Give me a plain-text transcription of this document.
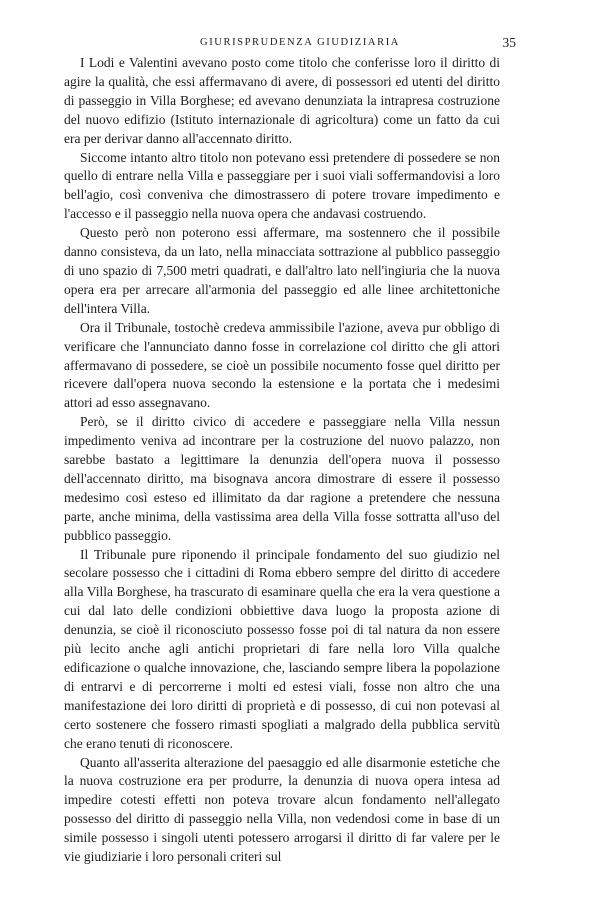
GIURISPRUDENZA GIUDIZIARIA	35

I Lodi e Valentini avevano posto come titolo che conferisse loro il diritto di agire la qualità, che essi affermavano di avere, di possessori ed utenti del diritto di passeggio in Villa Borghese; ed avevano denunziata la intrapresa costruzione del nuovo edifizio (Istituto internazionale di agricoltura) come un fatto da cui era per derivar danno all'accennato diritto.

Siccome intanto altro titolo non potevano essi pretendere di possedere se non quello di entrare nella Villa e passeggiare per i suoi viali soffermandovisi a loro bell'agio, così conveniva che dimostrassero di potere trovare impedimento e l'accesso e il passeggio nella nuova opera che andavasi costruendo.

Questo però non poterono essi affermare, ma sostennero che il possibile danno consisteva, da un lato, nella minacciata sottrazione al pubblico passeggio di uno spazio di 7,500 metri quadrati, e dall'altro lato nell'ingiuria che la nuova opera era per arrecare all'armonia del passeggio ed alle linee architettoniche dell'intera Villa.

Ora il Tribunale, tostochè credeva ammissibile l'azione, aveva pur obbligo di verificare che l'annunciato danno fosse in correlazione col diritto che gli attori affermavano di possedere, se cioè un possibile nocumento fosse quel diritto per ricevere dall'opera nuova secondo la estensione e la portata che i medesimi attori ad esso assegnavano.

Però, se il diritto civico di accedere e passeggiare nella Villa nessun impedimento veniva ad incontrare per la costruzione del nuovo palazzo, non sarebbe bastato a legittimare la denunzia dell'opera nuova il possesso dell'accennato diritto, ma bisognava ancora dimostrare di essere il possesso medesimo così esteso ed illimitato da dar ragione a pretendere che nessuna parte, anche minima, della vastissima area della Villa fosse sottratta all'uso del pubblico passeggio.

Il Tribunale pure riponendo il principale fondamento del suo giudizio nel secolare possesso che i cittadini di Roma ebbero sempre del diritto di accedere alla Villa Borghese, ha trascurato di esaminare quella che era la vera questione a cui dal lato delle condizioni obbiettive dava luogo la proposta azione di denunzia, se cioè il riconosciuto possesso fosse poi di tal natura da non essere più lecito anche agli antichi proprietari di fare nella loro Villa qualche edificazione o qualche innovazione, che, lasciando sempre libera la popolazione di entrarvi e di percorrerne i molti ed estesi viali, fosse non altro che una manifestazione dei loro diritti di proprietà e di possesso, di cui non potevasi al certo sostenere che fossero rimasti spogliati a malgrado della pubblica servitù che erano tenuti di riconoscere.

Quanto all'asserita alterazione del paesaggio ed alle disarmonie estetiche che la nuova costruzione era per produrre, la denunzia di nuova opera intesa ad impedire cotesti effetti non poteva trovare alcun fondamento nell'allegato possesso del diritto di passeggio nella Villa, non vedendosi come in base di un simile possesso i singoli utenti potessero arrogarsi il diritto di far valere per le vie giudiziarie i loro personali criteri sul
